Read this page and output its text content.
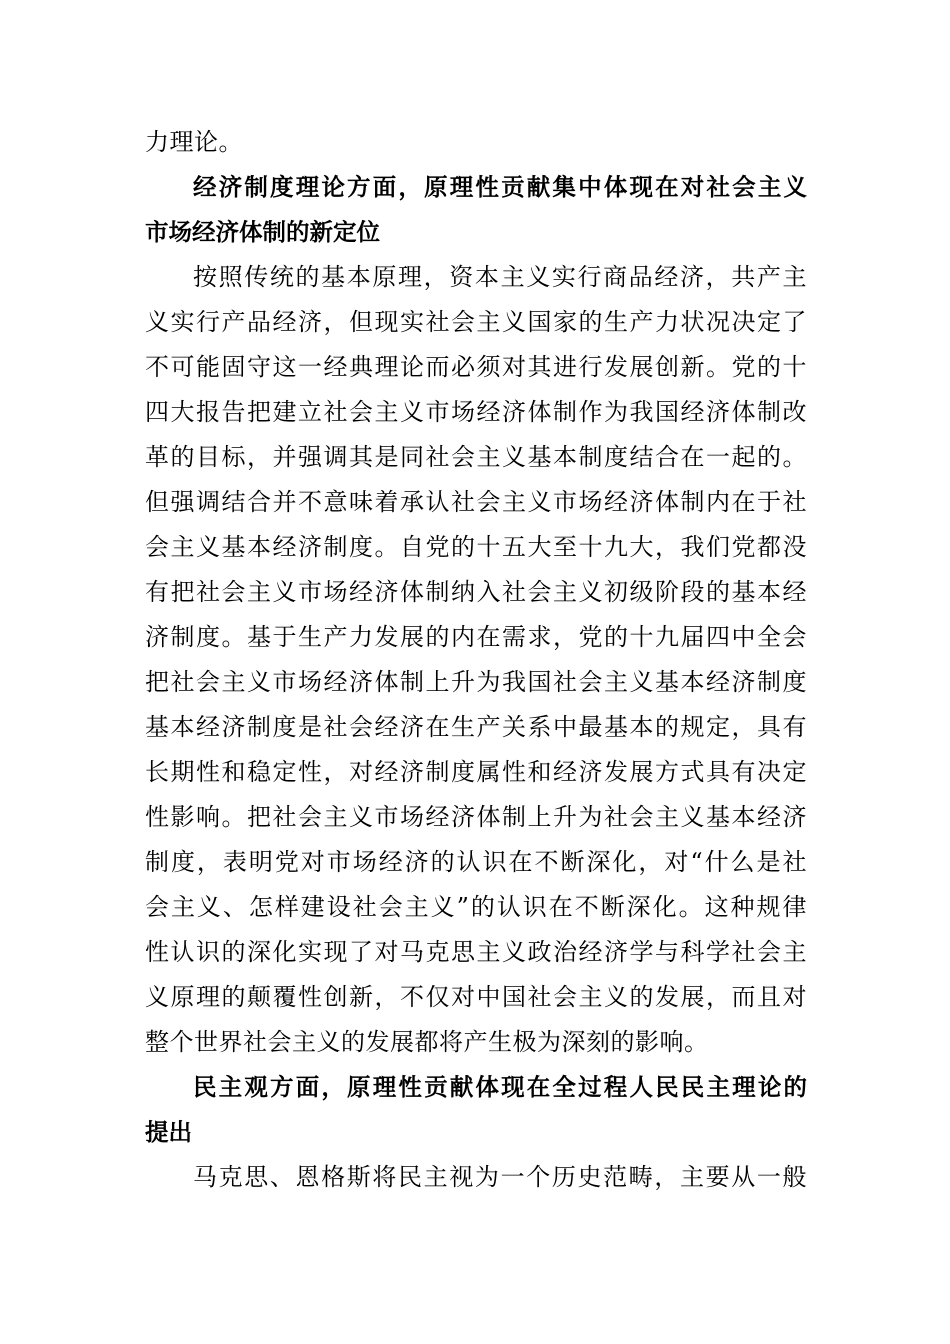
力理论。
经济制度理论方面，原理性贡献集中体现在对社会主义
市场经济体制的新定位
按照传统的基本原理，资本主义实行商品经济，共产主
义实行产品经济，但现实社会主义国家的生产力状况决定了
不可能固守这一经典理论而必须对其进行发展创新。党的十
四大报告把建立社会主义市场经济体制作为我国经济体制改
革的目标，并强调其是同社会主义基本制度结合在一起的。
但强调结合并不意味着承认社会主义市场经济体制内在于社
会主义基本经济制度。自党的十五大至十九大，我们党都没
有把社会主义市场经济体制纳入社会主义初级阶段的基本经
济制度。基于生产力发展的内在需求，党的十九届四中全会
把社会主义市场经济体制上升为我国社会主义基本经济制度
基本经济制度是社会经济在生产关系中最基本的规定，具有
长期性和稳定性，对经济制度属性和经济发展方式具有决定
性影响。把社会主义市场经济体制上升为社会主义基本经济
制度，表明党对市场经济的认识在不断深化，对“什么是社
会主义、怎样建设社会主义”的认识在不断深化。这种规律
性认识的深化实现了对马克思主义政治经济学与科学社会主
义原理的颠覆性创新，不仅对中国社会主义的发展，而且对
整个世界社会主义的发展都将产生极为深刻的影响。
民主观方面，原理性贡献体现在全过程人民民主理论的
提出
马克思、恩格斯将民主视为一个历史范畴，主要从一般
